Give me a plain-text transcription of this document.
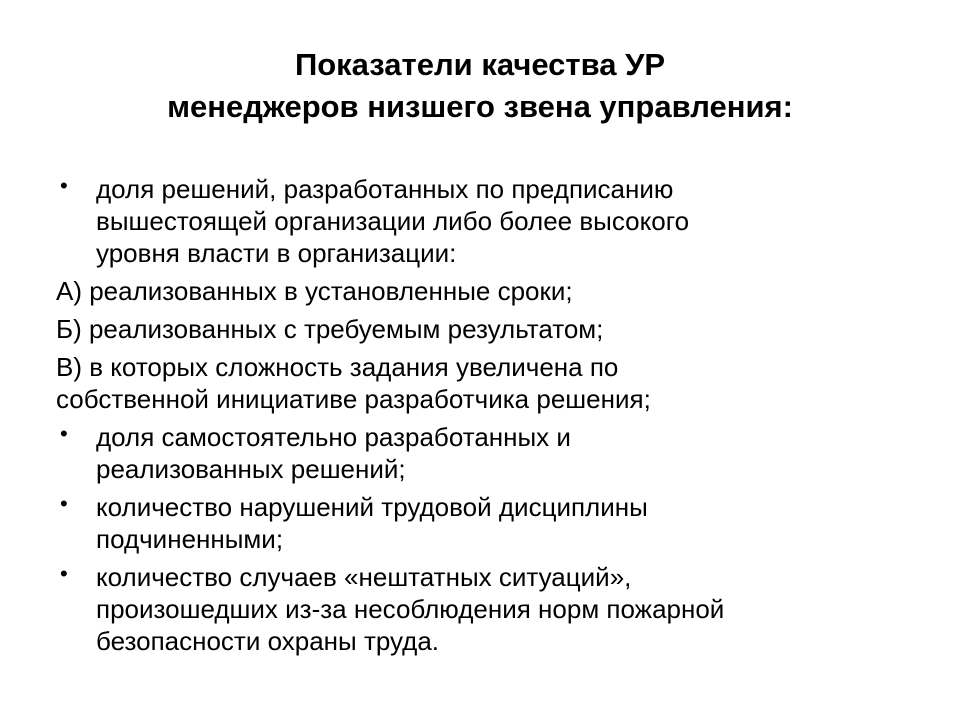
Показатели качества УР
менеджеров низшего звена управления:
• доля решений, разработанных по предписанию
вышестоящей организации либо более высокого
уровня власти в организации:
А) реализованных в установленные сроки;
Б) реализованных с требуемым результатом;
В) в которых сложность задания увеличена по
собственной инициативе разработчика решения;
• доля самостоятельно разработанных и
реализованных решений;
• количество нарушений трудовой дисциплины
подчиненными;
• количество случаев «нештатных ситуаций»,
произошедших из-за несоблюдения норм пожарной
безопасности охраны труда.
